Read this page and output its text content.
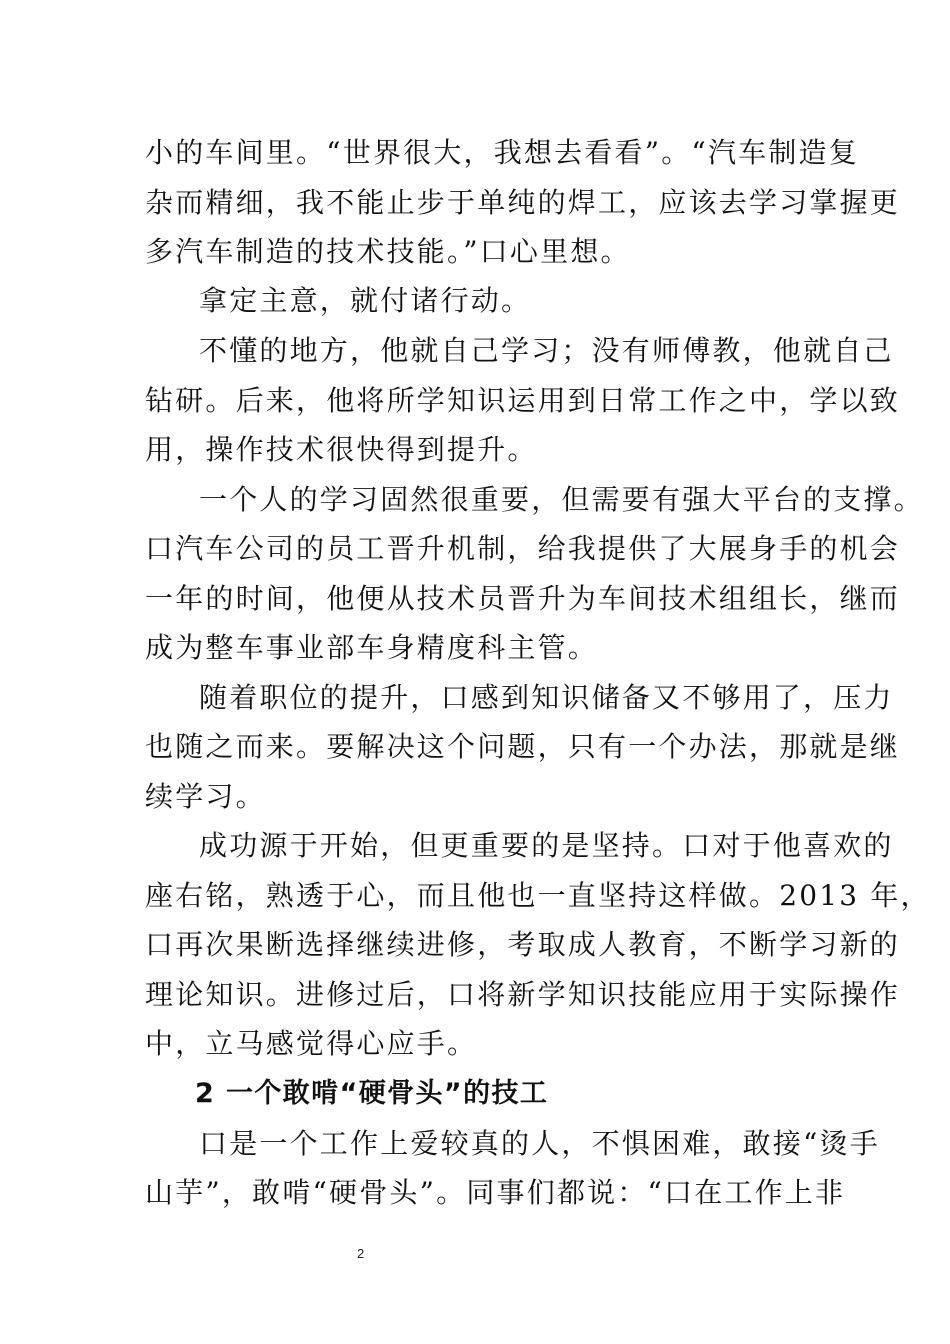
小的车间里。“世界很大，我想去看看”。“汽车制造复
杂而精细，我不能止步于单纯的焊工，应该去学习掌握更
多汽车制造的技术技能。”口心里想。
拿定主意，就付诸行动。
不懂的地方，他就自己学习；没有师傅教，他就自己
钻研。后来，他将所学知识运用到日常工作之中，学以致
用，操作技术很快得到提升。
一个人的学习固然很重要，但需要有强大平台的支撑。
口汽车公司的员工晋升机制，给我提供了大展身手的机会
一年的时间，他便从技术员晋升为车间技术组组长，继而
成为整车事业部车身精度科主管。
随着职位的提升，口感到知识储备又不够用了，压力
也随之而来。要解决这个问题，只有一个办法，那就是继
续学习。
成功源于开始，但更重要的是坚持。口对于他喜欢的
座右铭，熟透于心，而且他也一直坚持这样做。2013 年，
口再次果断选择继续进修，考取成人教育，不断学习新的
理论知识。进修过后，口将新学知识技能应用于实际操作
中，立马感觉得心应手。
2 一个敢啃“硬骨头”的技工
口是一个工作上爱较真的人，不惧困难，敢接“烫手
山芋”，敢啃“硬骨头”。同事们都说：“口在工作上非
2
